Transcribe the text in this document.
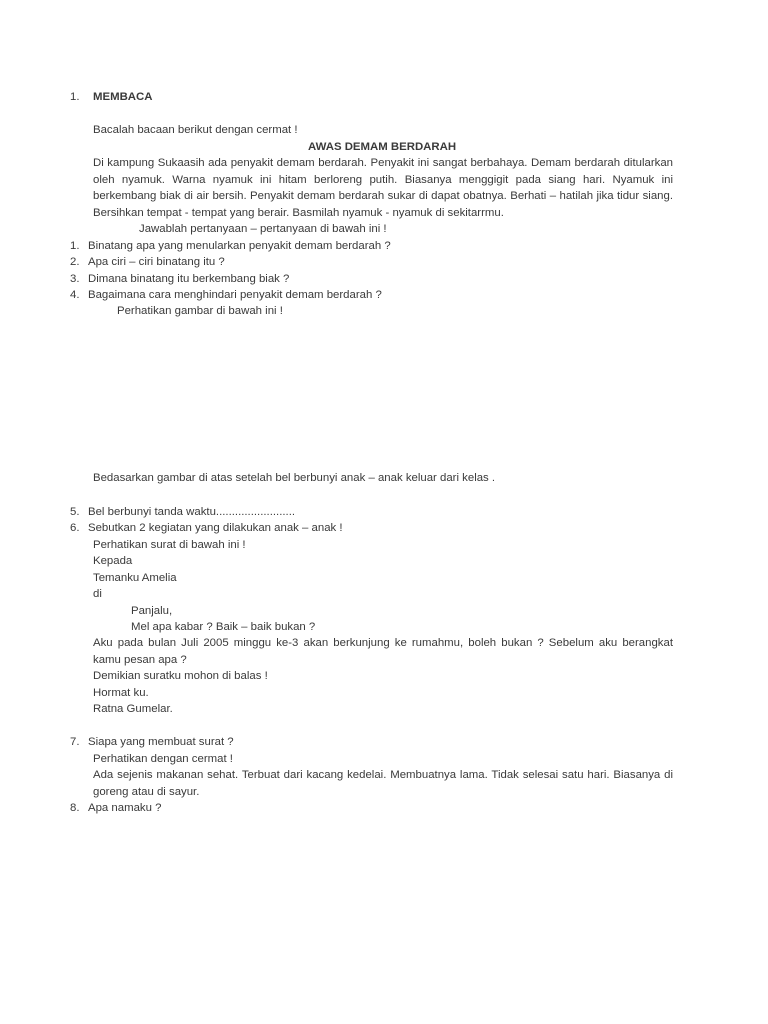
1. MEMBACA
Bacalah bacaan berikut dengan cermat !
AWAS DEMAM BERDARAH
Di kampung Sukaasih ada penyakit demam berdarah. Penyakit ini sangat berbahaya. Demam berdarah ditularkan oleh nyamuk. Warna nyamuk ini hitam berloreng putih. Biasanya menggigit pada siang hari. Nyamuk ini berkembang biak di air bersih. Penyakit demam berdarah sukar di dapat obatnya. Berhati – hatilah jika tidur siang. Bersihkan tempat - tempat yang berair. Basmilah nyamuk - nyamuk di sekitarrmu.
Jawablah pertanyaan – pertanyaan di bawah ini !
1. Binatang apa yang menularkan penyakit demam berdarah ?
2. Apa ciri – ciri binatang itu ?
3. Dimana binatang itu berkembang biak ?
4. Bagaimana cara menghindari penyakit demam berdarah ?
Perhatikan gambar di bawah ini !
Bedasarkan gambar di atas setelah bel berbunyi anak – anak keluar dari kelas .
5. Bel berbunyi tanda waktu.........................
6. Sebutkan 2 kegiatan yang dilakukan anak – anak !
Perhatikan surat di bawah ini !
Kepada
Temanku Amelia
di
Panjalu,
Mel apa kabar ? Baik – baik bukan ?
Aku pada bulan Juli 2005 minggu ke-3 akan berkunjung ke rumahmu, boleh bukan ? Sebelum aku berangkat kamu pesan apa ?
Demikian suratku mohon di balas !
Hormat ku.
Ratna Gumelar.
7. Siapa yang membuat surat ?
Perhatikan dengan cermat !
Ada sejenis makanan sehat. Terbuat dari kacang kedelai. Membuatnya lama. Tidak selesai satu hari. Biasanya di goreng atau di sayur.
8. Apa namaku ?
